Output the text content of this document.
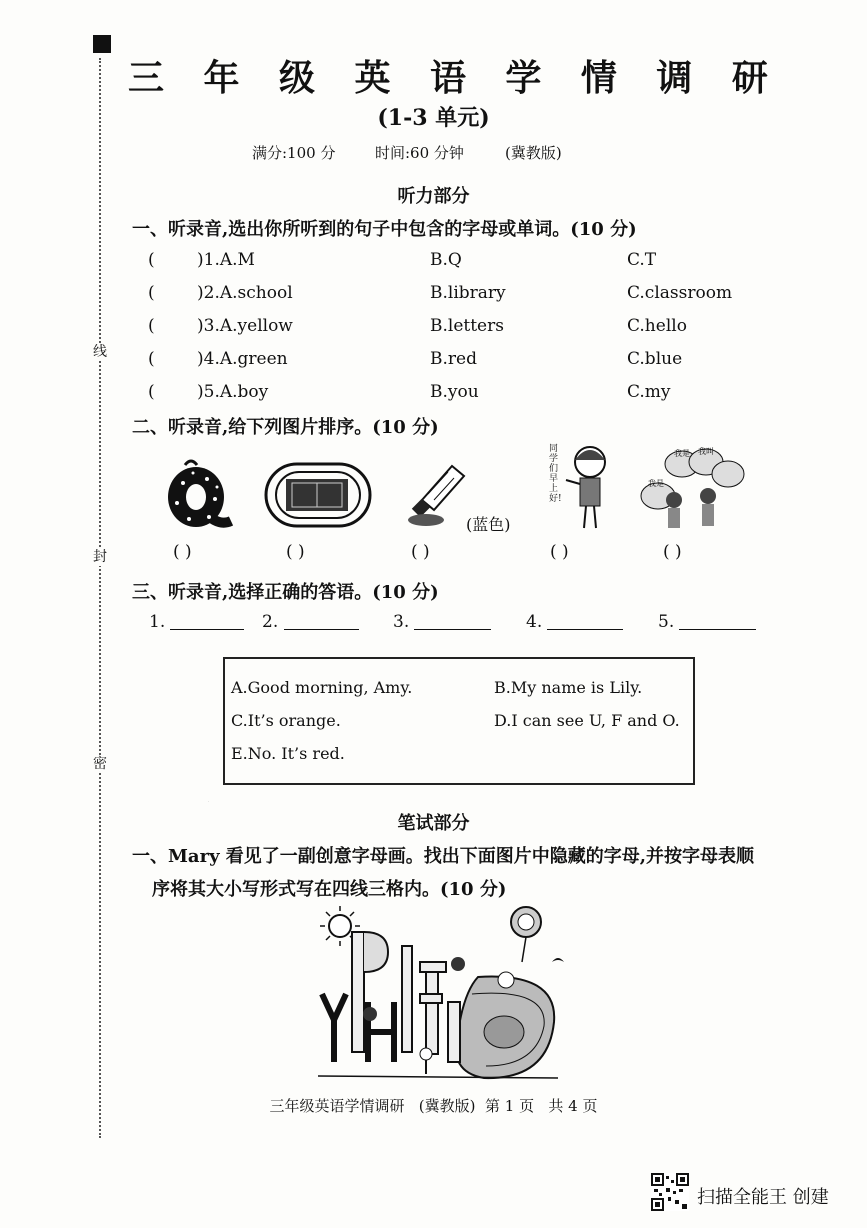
线
封
密
三 年 级 英 语 学 情 调 研
(1-3 单元)
满分:100 分	时间:60 分钟	(冀教版)
听力部分
一、听录音,选出你所听到的句子中包含的字母或单词。(10 分)
( )1.A.M	B.Q	C.T
( )2.A.school	B.library	C.classroom
( )3.A.yellow	B.letters	C.hello
( )4.A.green	B.red	C.blue
( )5.A.boy	B.you	C.my
二、听录音,给下列图片排序。(10 分)
(蓝色)
同学们早上好!
我是
我是 我叫
( )	( )	( )	( )	( )
三、听录音,选择正确的答语。(10 分)
1.	2.	3.	4.	5.
A.Good morning, Amy.	B.My name is Lily.
C.It’s orange.	D.I can see U, F and O.
E.No. It’s red.
笔试部分
一、Mary 看见了一副创意字母画。找出下面图片中隐藏的字母,并按字母表顺
序将其大小写形式写在四线三格内。(10 分)
P
三年级英语学情调研   (冀教版)  第 1 页   共 4 页
扫描全能王 创建
